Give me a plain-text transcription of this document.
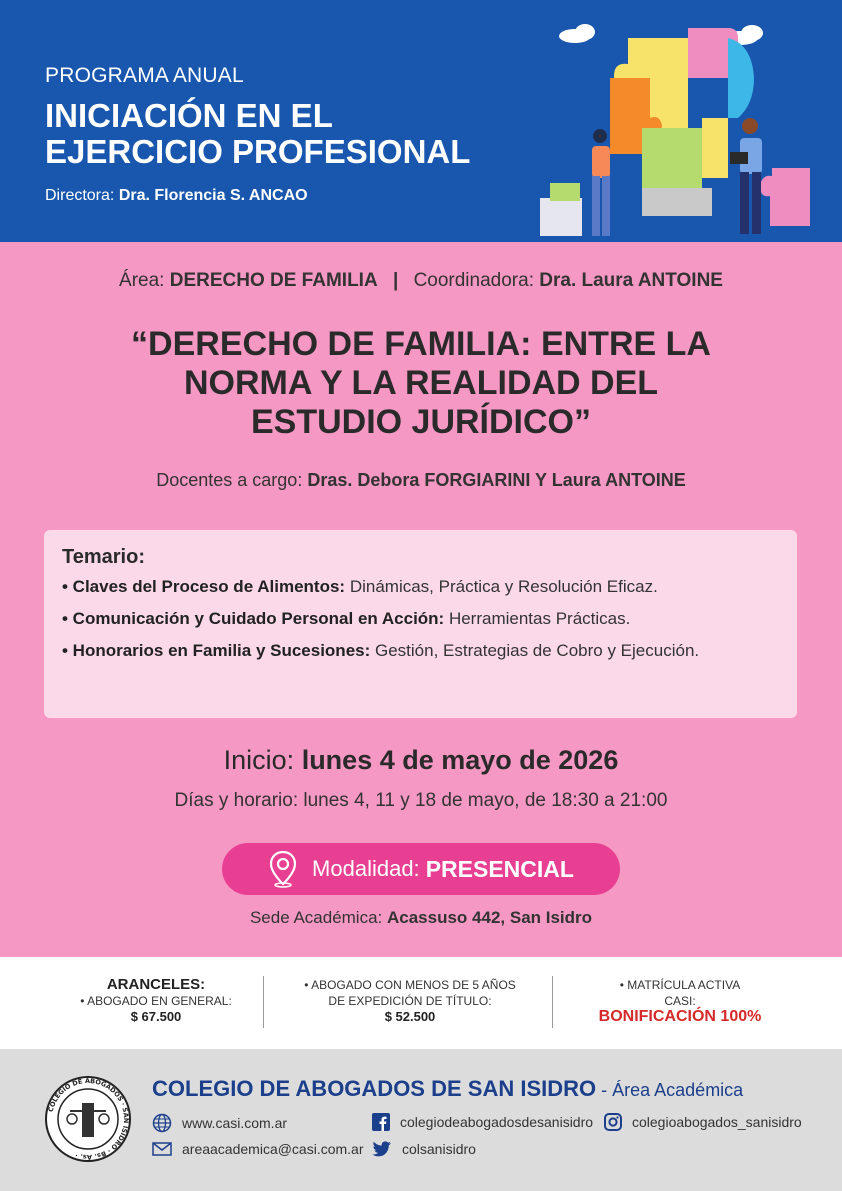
PROGRAMA ANUAL
INICIACIÓN EN EL
EJERCICIO PROFESIONAL
Directora: Dra. Florencia S. ANCAO
Área: DERECHO DE FAMILIA | Coordinadora: Dra. Laura ANTOINE
“DERECHO DE FAMILIA: ENTRE LA
NORMA Y LA REALIDAD DEL
ESTUDIO JURÍDICO”
Docentes a cargo: Dras. Debora FORGIARINI Y Laura ANTOINE
Temario:
• Claves del Proceso de Alimentos: Dinámicas, Práctica y Resolución Eficaz.
• Comunicación y Cuidado Personal en Acción: Herramientas Prácticas.
• Honorarios en Familia y Sucesiones: Gestión, Estrategias de Cobro y Ejecución.
Inicio: lunes 4 de mayo de 2026
Días y horario: lunes 4, 11 y 18 de mayo, de 18:30 a 21:00
Modalidad: PRESENCIAL
Sede Académica: Acassuso 442, San Isidro
ARANCELES:
• ABOGADO EN GENERAL:
$ 67.500
• ABOGADO CON MENOS DE 5 AÑOS
DE EXPEDICIÓN DE TÍTULO:
$ 52.500
• MATRÍCULA ACTIVA
CASI:
BONIFICACIÓN 100%
COLEGIO DE ABOGADOS · SAN ISIDRO · Bs. As. ·
COLEGIO DE ABOGADOS DE SAN ISIDRO - Área Académica
www.casi.com.ar
areaacademica@casi.com.ar
colegiodeabogadosdesanisidro
colsanisidro
colegioabogados_sanisidro
